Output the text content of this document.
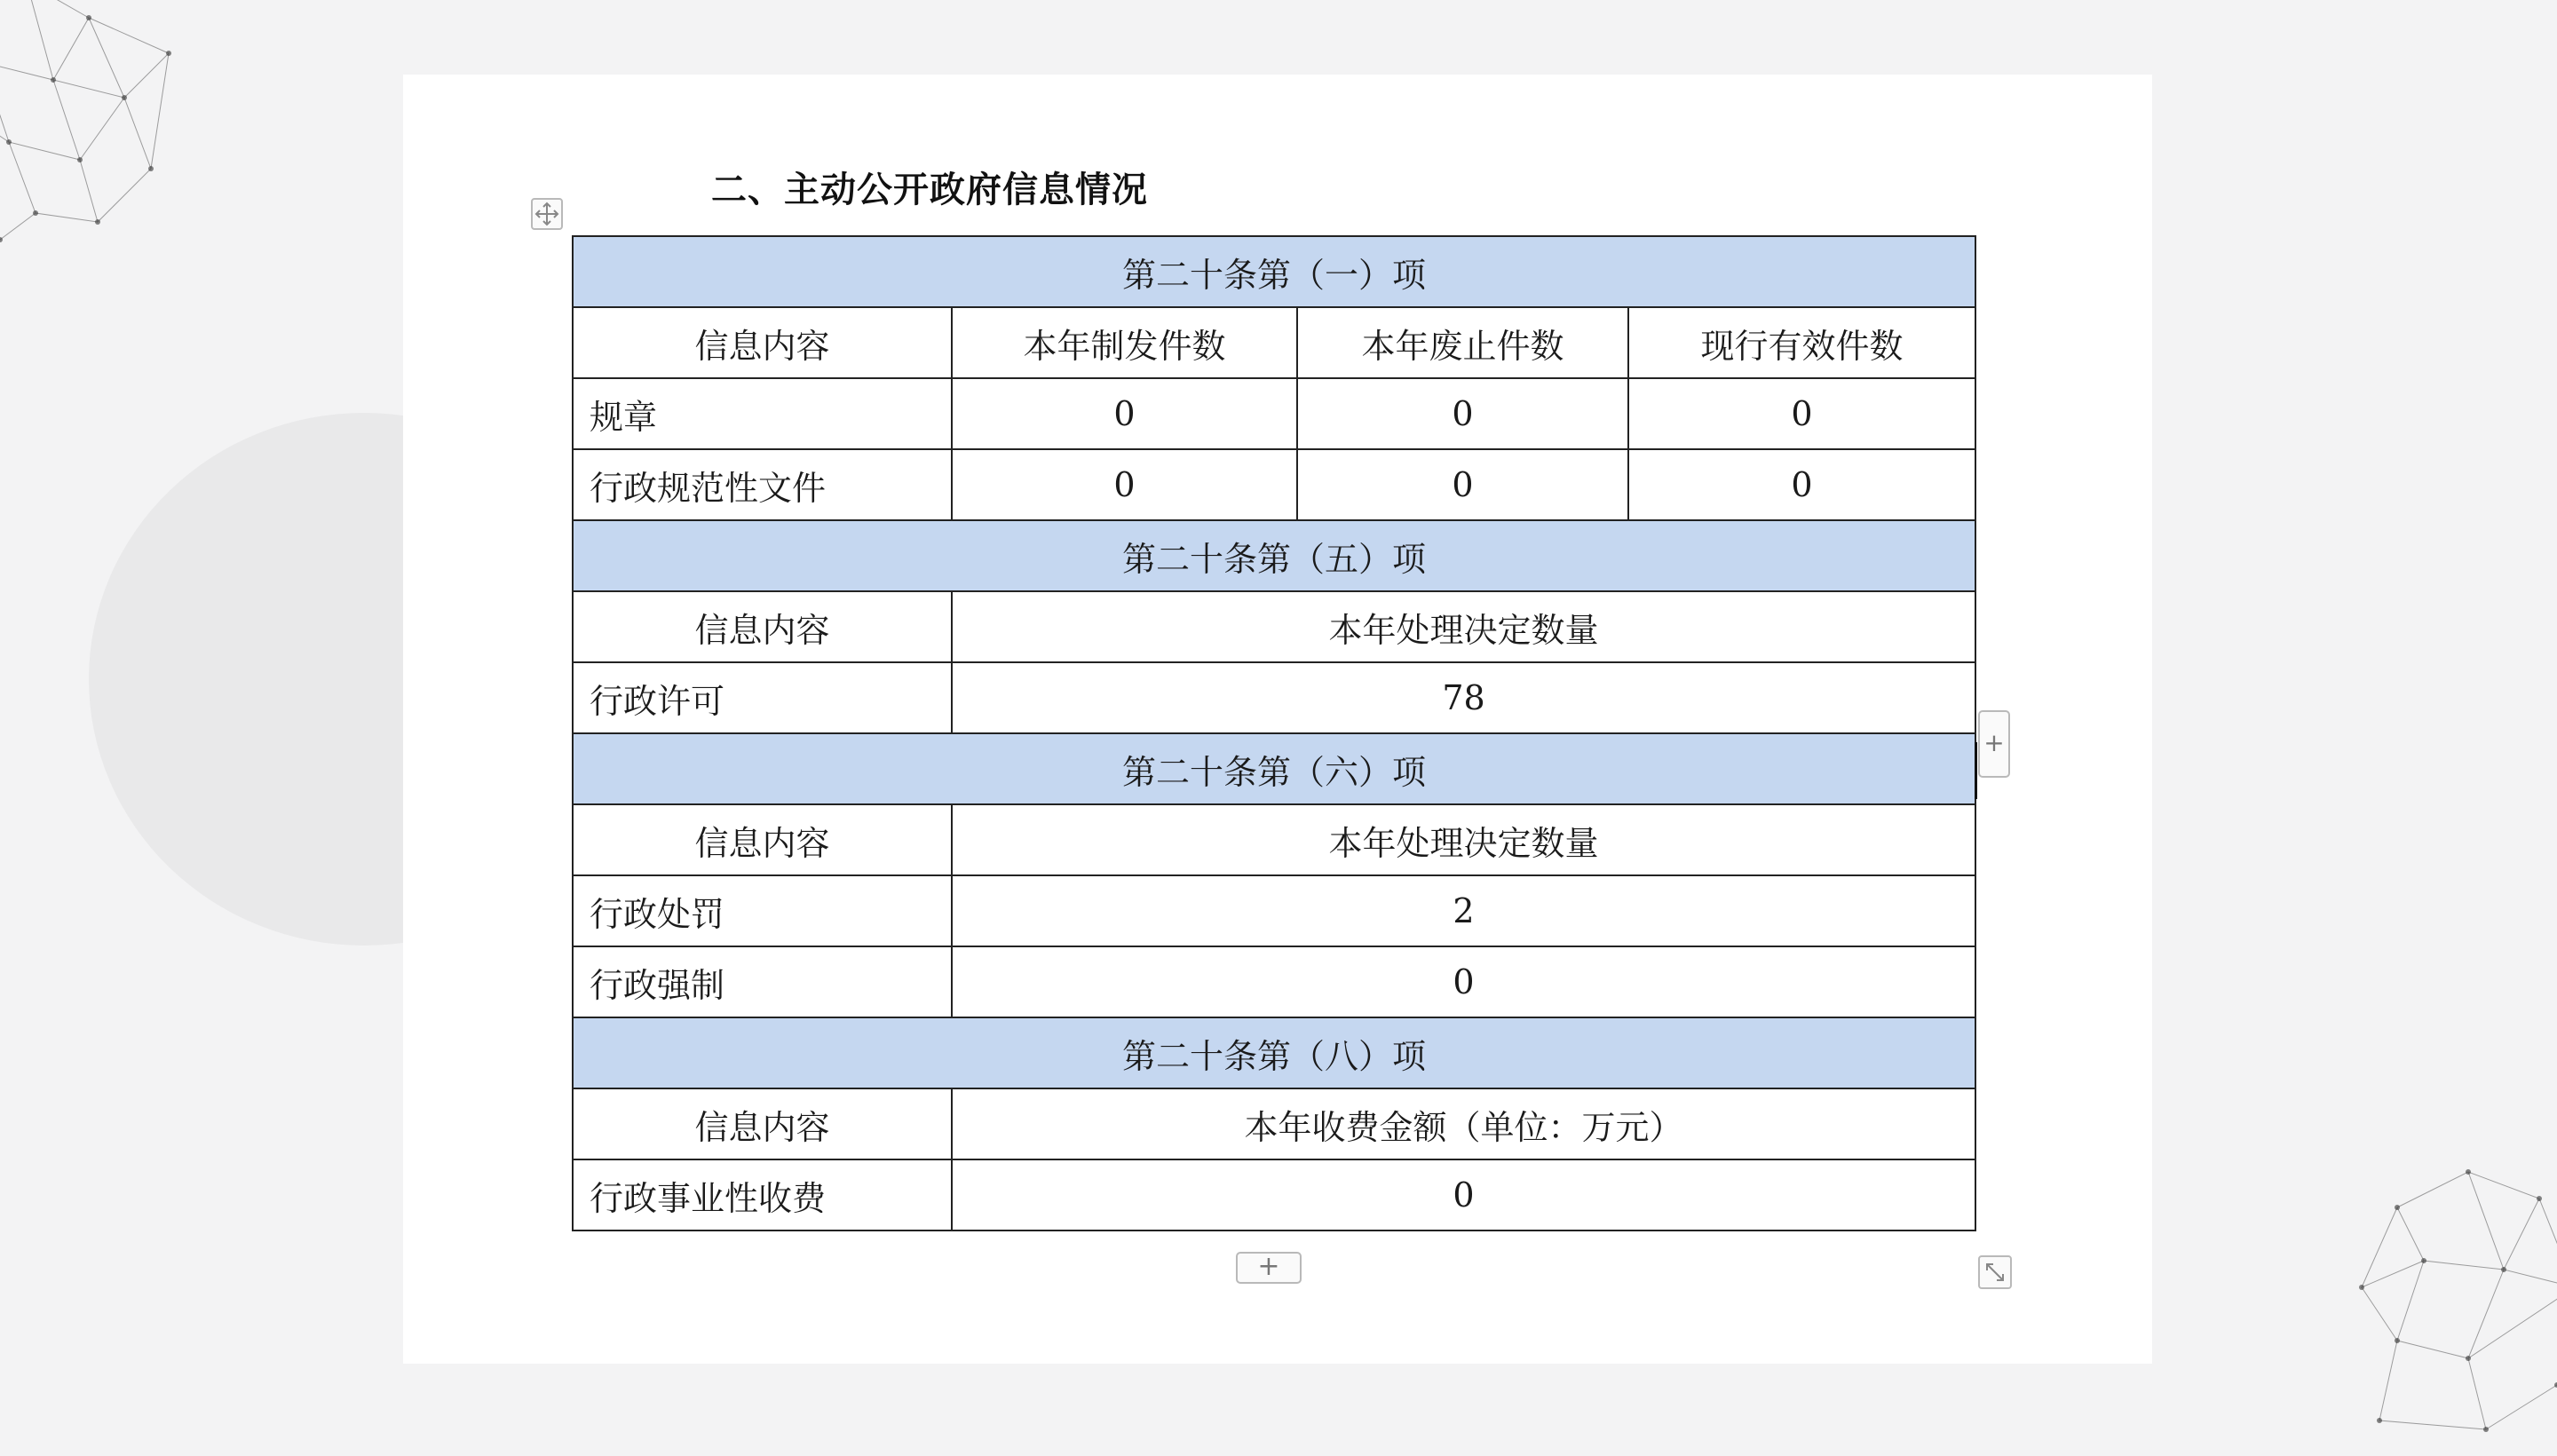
二、主动公开政府信息情况
第二十条第（一）项			
信息内容	本年制发件数	本年废止件数	现行有效件数
规章	0	0	0
行政规范性文件	0	0	0
第二十条第（五）项			
信息内容	本年处理决定数量		
行政许可	78		
第二十条第（六）项			
信息内容	本年处理决定数量		
行政处罚	2		
行政强制	0		
第二十条第（八）项			
信息内容	本年收费金额（单位：万元）		
行政事业性收费	0		
+
+
